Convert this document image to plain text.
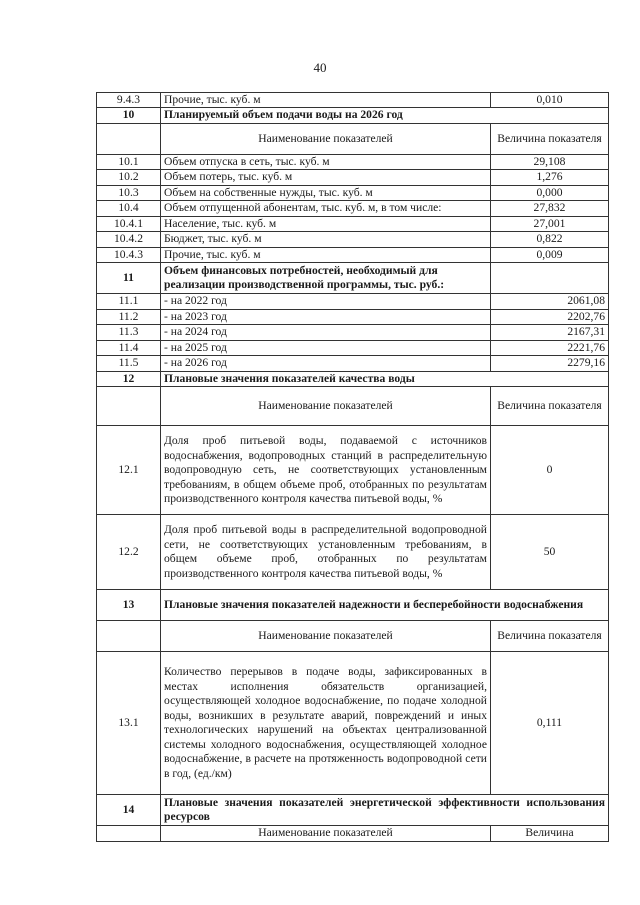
40
9.4.3	Прочие, тыс. куб. м	0,010
10	Планируемый объем подачи воды на 2026 год	
	Наименование показателей	Величина показателя
10.1	Объем отпуска в сеть, тыс. куб. м	29,108
10.2	Объем потерь, тыс. куб. м	1,276
10.3	Объем на собственные нужды, тыс. куб. м	0,000
10.4	Объем отпущенной абонентам, тыс. куб. м, в том числе:	27,832
10.4.1	Население, тыс. куб. м	27,001
10.4.2	Бюджет, тыс. куб. м	0,822
10.4.3	Прочие, тыс. куб. м	0,009
11	Объем финансовых потребностей, необходимый для реализации производственной программы, тыс. руб.:	
11.1	- на 2022 год	2061,08
11.2	- на 2023 год	2202,76
11.3	- на 2024 год	2167,31
11.4	- на 2025 год	2221,76
11.5	- на 2026 год	2279,16
12	Плановые значения показателей качества воды	
	Наименование показателей	Величина показателя
12.1	Доля проб питьевой воды, подаваемой с источников водоснабжения, водопроводных станций в распределительную водопроводную сеть, не соответствующих установленным требованиям, в общем объеме проб, отобранных по результатам производственного контроля качества питьевой воды, %	0
12.2	Доля проб питьевой воды в распределительной водопроводной сети, не соответствующих установленным требованиям, в общем объеме проб, отобранных по результатам производственного контроля качества питьевой воды, %	50
13	Плановые значения показателей надежности и бесперебойности водоснабжения	
	Наименование показателей	Величина показателя
13.1	Количество перерывов в подаче воды, зафиксированных в местах исполнения обязательств организацией, осуществляющей холодное водоснабжение, по подаче холодной воды, возникших в результате аварий, повреждений и иных технологических нарушений на объектах централизованной системы холодного водоснабжения, осуществляющей холодное водоснабжение, в расчете на протяженность водопроводной сети в год, (ед./км)	0,111
14	Плановые значения показателей энергетической эффективности использования ресурсов	
	Наименование показателей	Величина
